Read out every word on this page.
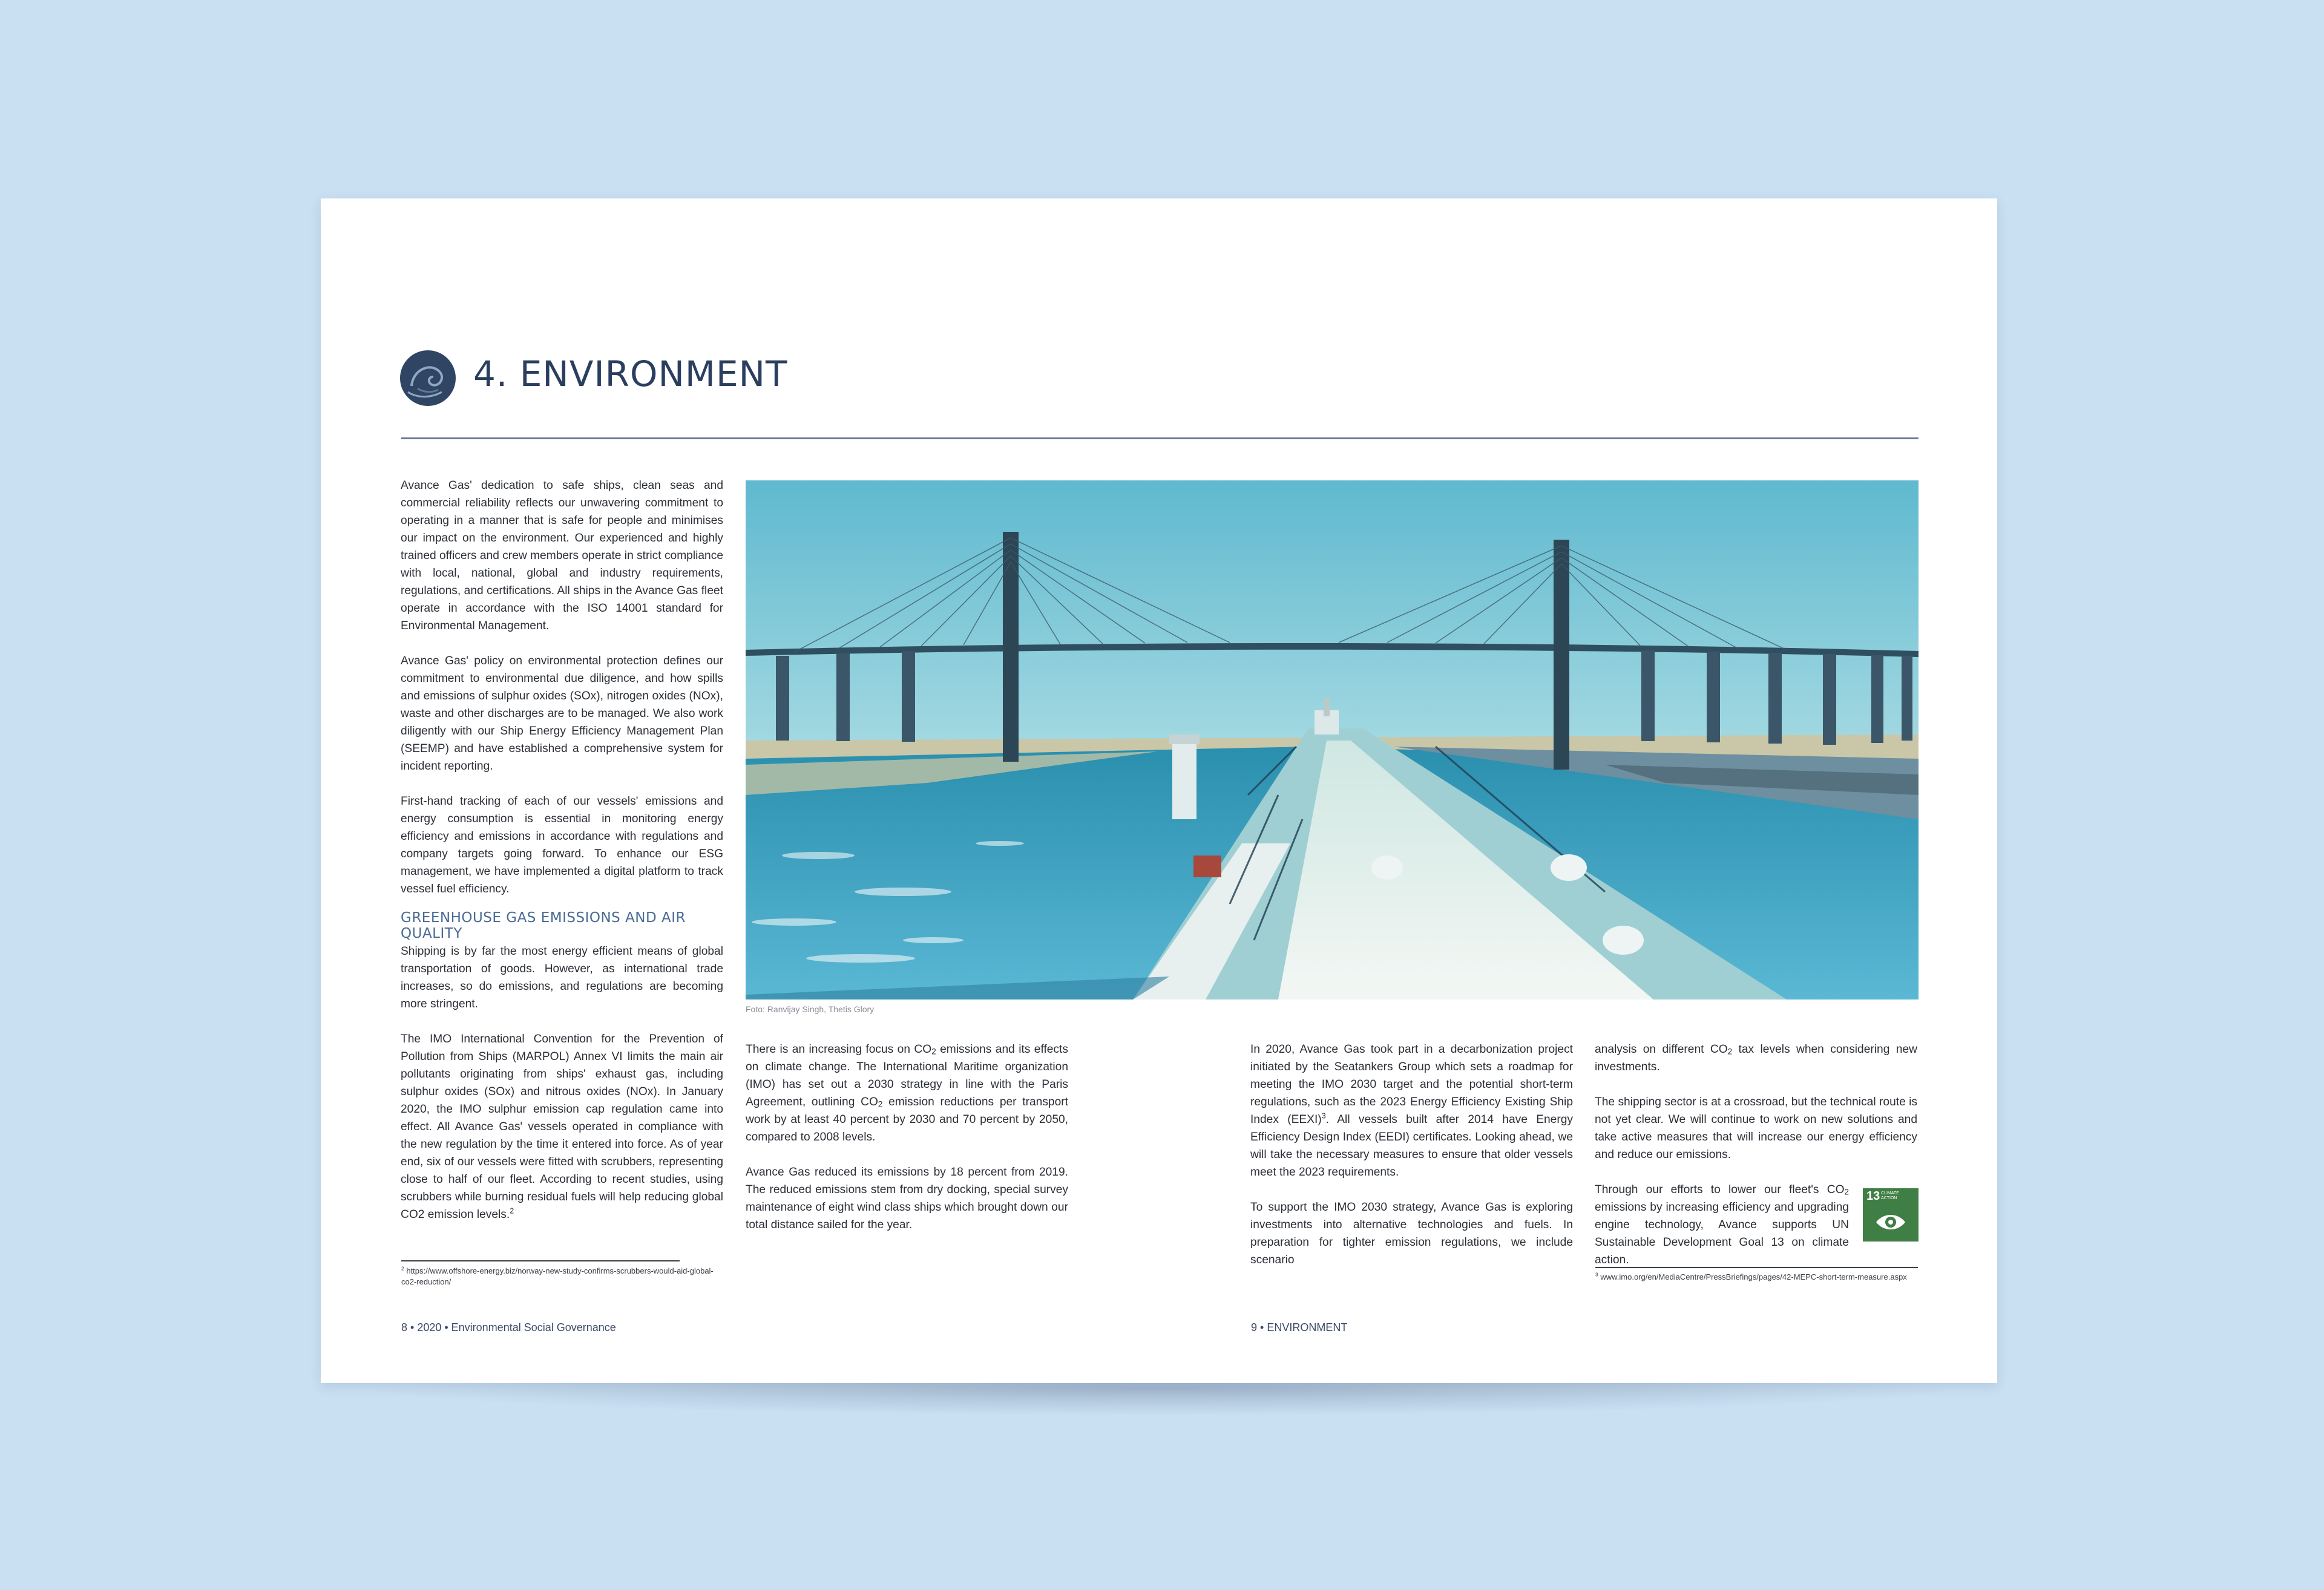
4. ENVIRONMENT

Avance Gas' dedication to safe ships, clean seas and commercial reliability reflects our unwavering commitment to operating in a manner that is safe for people and minimises our impact on the environment. Our experienced and highly trained officers and crew members operate in strict compliance with local, national, global and industry requirements, regulations, and certifications. All ships in the Avance Gas fleet operate in accordance with the ISO 14001 standard for Environmental Management.

Avance Gas' policy on environmental protection defines our commitment to environmental due diligence, and how spills and emissions of sulphur oxides (SOx), nitrogen oxides (NOx), waste and other discharges are to be managed. We also work diligently with our Ship Energy Efficiency Management Plan (SEEMP) and have established a comprehensive system for incident reporting.

First-hand tracking of each of our vessels' emissions and energy consumption is essential in monitoring energy efficiency and emissions in accordance with regulations and company targets going forward. To enhance our ESG management, we have implemented a digital platform to track vessel fuel efficiency.

GREENHOUSE GAS EMISSIONS AND AIR QUALITY

Shipping is by far the most energy efficient means of global transportation of goods. However, as international trade increases, so do emissions, and regulations are becoming more stringent.

The IMO International Convention for the Prevention of Pollution from Ships (MARPOL) Annex VI limits the main air pollutants originating from ships' exhaust gas, including sulphur oxides (SOx) and nitrous oxides (NOx). In January 2020, the IMO sulphur emission cap regulation came into effect. All Avance Gas' vessels operated in compliance with the new regulation by the time it entered into force. As of year end, six of our vessels were fitted with scrubbers, representing close to half of our fleet. According to recent studies, using scrubbers while burning residual fuels will help reducing global CO2 emission levels.$^2$

$^2$ https://www.offshore-energy.biz/norway-new-study-confirms-scrubbers-would-aid-global-co2-reduction/
8 • 2020 • Environmental Social Governance
Foto: Ranvijay Singh, Thetis Glory

There is an increasing focus on $CO_2$ emissions and its effects on climate change. The International Maritime organization (IMO) has set out a 2030 strategy in line with the Paris Agreement, outlining $CO_2$ emission reductions per transport work by at least 40 percent by 2030 and 70 percent by 2050, compared to 2008 levels.

Avance Gas reduced its emissions by 18 percent from 2019. The reduced emissions stem from dry docking, special survey maintenance of eight wind class ships which brought down our total distance sailed for the year.

In 2020, Avance Gas took part in a decarbonization project initiated by the Seatankers Group which sets a roadmap for meeting the IMO 2030 target and the potential short-term regulations, such as the 2023 Energy Efficiency Existing Ship Index (EEXI)$^3$. All vessels built after 2014 have Energy Efficiency Design Index (EEDI) certificates. Looking ahead, we will take the necessary measures to ensure that older vessels meet the 2023 requirements.

To support the IMO 2030 strategy, Avance Gas is exploring investments into alternative technologies and fuels. In preparation for tighter emission regulations, we include scenario

9 • ENVIRONMENT

analysis on different $CO_2$ tax levels when considering new investments.

The shipping sector is at a crossroad, but the technical route is not yet clear. We will continue to work on new solutions and take active measures that will increase our energy efficiency and reduce our emissions.

Through our efforts to lower our fleet's $CO_2$ emissions by increasing efficiency and upgrading engine technology, Avance supports UN Sustainable Development Goal 13 on climate action.

13 CLIMATE ACTION
$^3$ www.imo.org/en/MediaCentre/PressBriefings/pages/42-MEPC-short-term-measure.aspx
